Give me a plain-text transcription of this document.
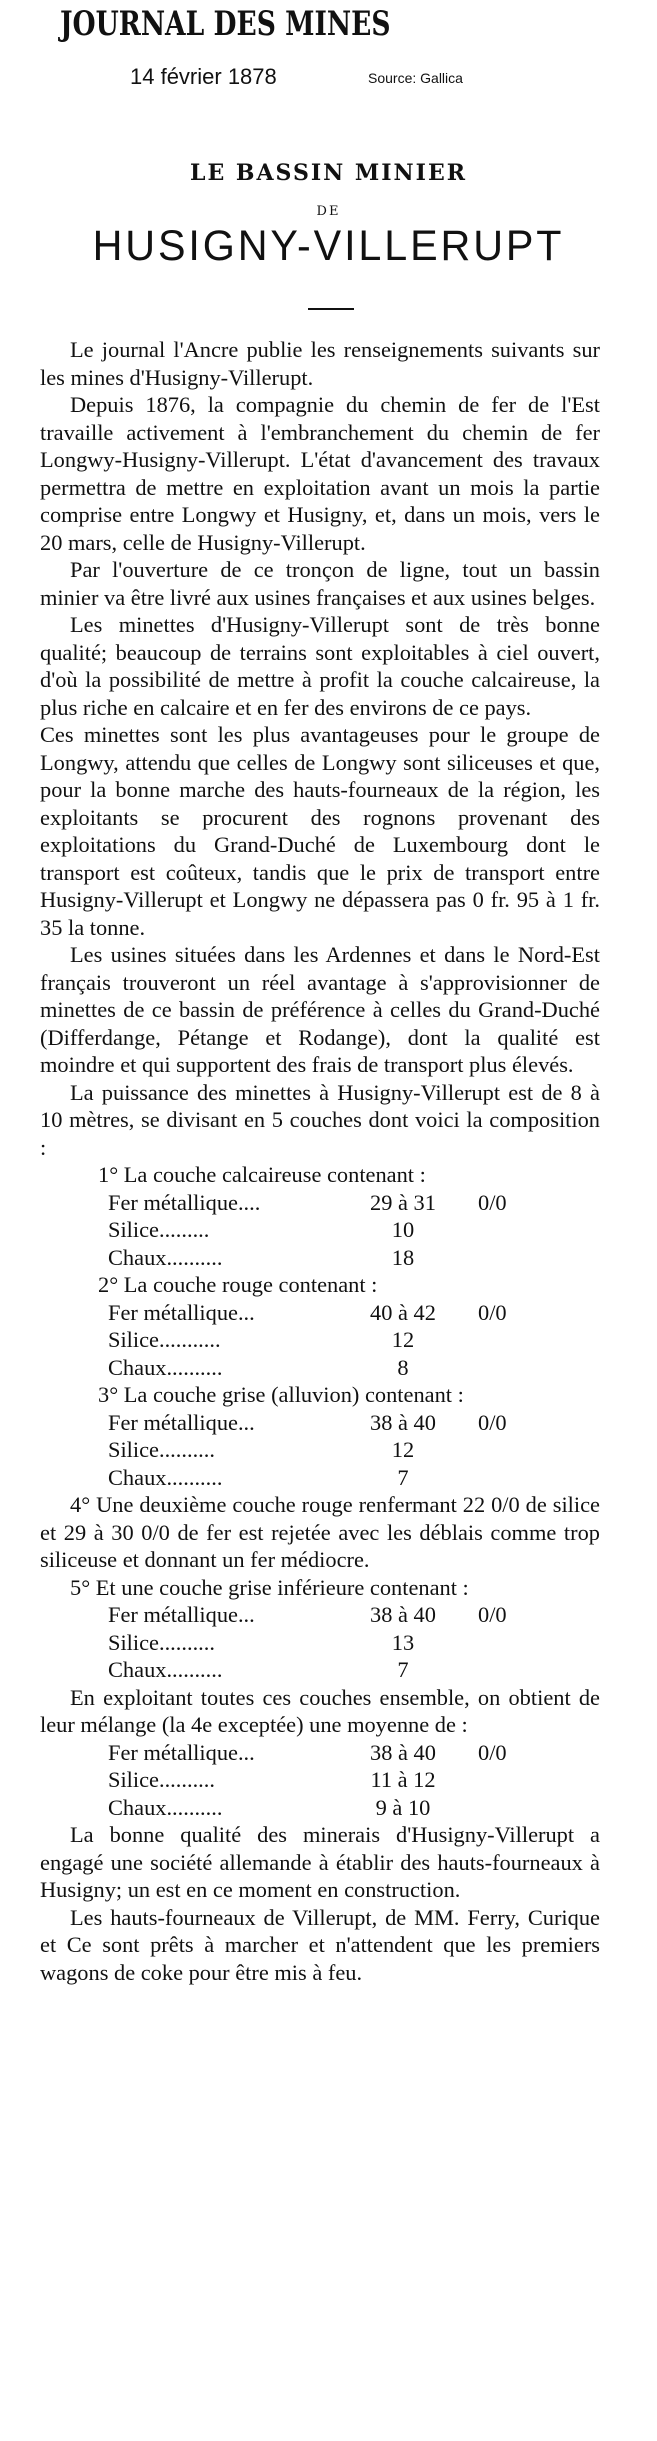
JOURNAL DES MINES
14 février 1878	Source: Gallica
LE BASSIN MINIER
DE
HUSIGNY-VILLERUPT

Le journal l'Ancre publie les renseignements suivants sur les mines d'Husigny-Villerupt.

Depuis 1876, la compagnie du chemin de fer de l'Est travaille activement à l'embranchement du chemin de fer Longwy-Husigny-Villerupt. L'état d'avancement des travaux permettra de mettre en exploitation avant un mois la partie comprise entre Longwy et Husigny, et, dans un mois, vers le 20 mars, celle de Husigny-Villerupt.

Par l'ouverture de ce tronçon de ligne, tout un bassin minier va être livré aux usines françaises et aux usines belges.

Les minettes d'Husigny-Villerupt sont de très bonne qualité; beaucoup de terrains sont exploitables à ciel ouvert, d'où la possibilité de mettre à profit la couche calcaireuse, la plus riche en calcaire et en fer des environs de ce pays.

Ces minettes sont les plus avantageuses pour le groupe de Longwy, attendu que celles de Longwy sont siliceuses et que, pour la bonne marche des hauts-fourneaux de la région, les exploitants se procurent des rognons provenant des exploitations du Grand-Duché de Luxembourg dont le transport est coûteux, tandis que le prix de transport entre Husigny-Villerupt et Longwy ne dépassera pas 0 fr. 95 à 1 fr. 35 la tonne.

Les usines situées dans les Ardennes et dans le Nord-Est français trouveront un réel avantage à s'approvisionner de minettes de ce bassin de préférence à celles du Grand-Duché (Differdange, Pétange et Rodange), dont la qualité est moindre et qui supportent des frais de transport plus élevés.

La puissance des minettes à Husigny-Villerupt est de 8 à 10 mètres, se divisant en 5 couches dont voici la composition :

1° La couche calcaireuse contenant :

Fer métallique....	29 à 31	0/0
Silice.........	10	
Chaux..........	18	

2° La couche rouge contenant :

Fer métallique...	40 à 42	0/0
Silice...........	12	
Chaux..........	8	

3° La couche grise (alluvion) contenant :

Fer métallique...	38 à 40	0/0
Silice..........	12	
Chaux..........	7	

4° Une deuxième couche rouge renfermant 22 0/0 de silice et 29 à 30 0/0 de fer est rejetée avec les déblais comme trop siliceuse et donnant un fer médiocre.

5° Et une couche grise inférieure contenant :

Fer métallique...	38 à 40	0/0
Silice..........	13	
Chaux..........	7	

En exploitant toutes ces couches ensemble, on obtient de leur mélange (la 4e exceptée) une moyenne de :

Fer métallique...	38 à 40	0/0
Silice..........	11 à 12	
Chaux..........	9 à 10	

La bonne qualité des minerais d'Husigny-Villerupt a engagé une société allemande à établir des hauts-fourneaux à Husigny; un est en ce moment en construction.

Les hauts-fourneaux de Villerupt, de MM. Ferry, Curique et Ce sont prêts à marcher et n'attendent que les premiers wagons de coke pour être mis à feu.
